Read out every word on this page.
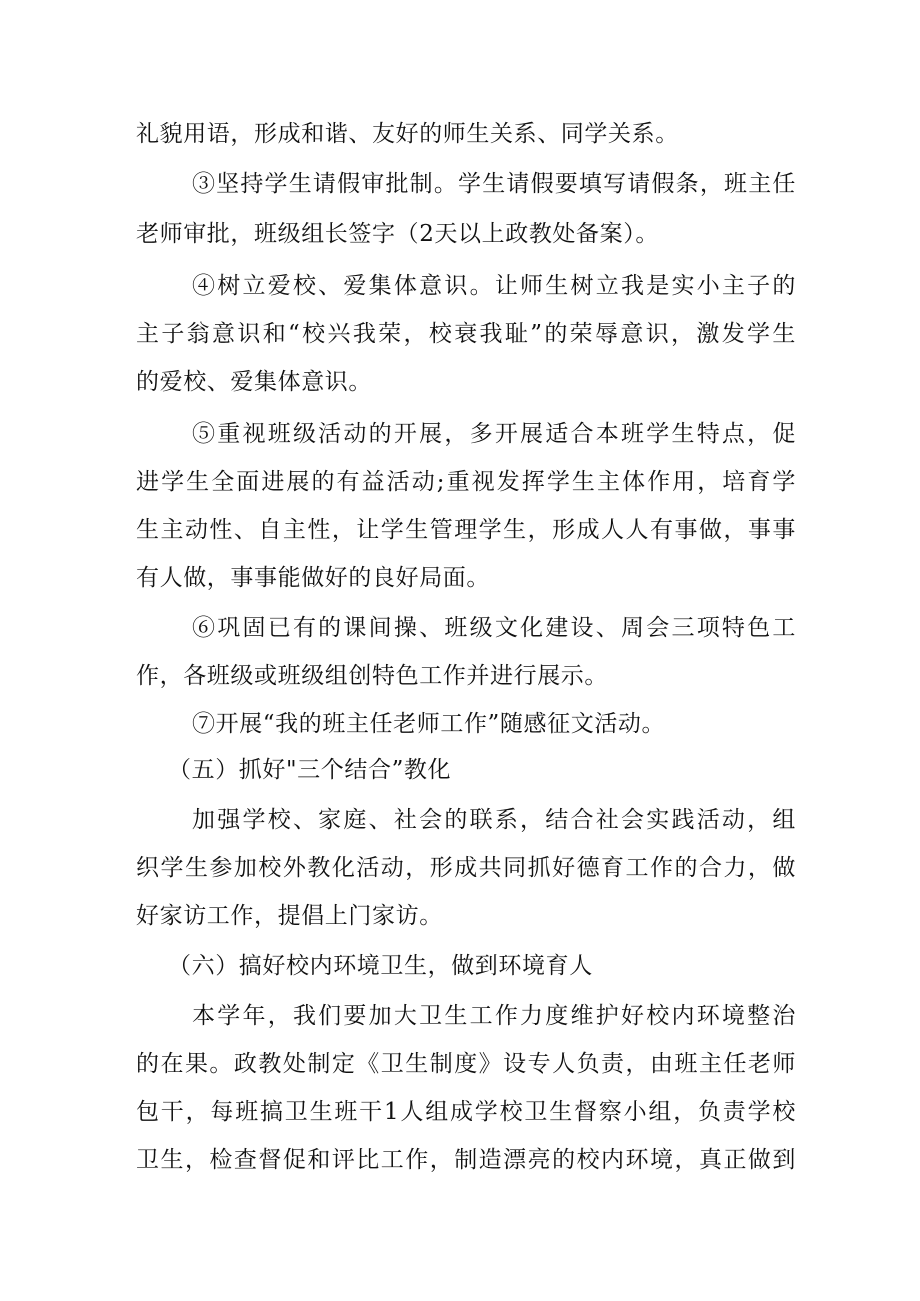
礼貌用语，形成和谐、友好的师生关系、同学关系。
③坚持学生请假审批制。学生请假要填写请假条，班主任
老师审批，班级组长签字（2天以上政教处备案）。
④树立爱校、爱集体意识。让师生树立我是实小主子的
主子翁意识和“校兴我荣，校衰我耻”的荣辱意识，激发学生
的爱校、爱集体意识。
⑤重视班级活动的开展，多开展适合本班学生特点，促
进学生全面进展的有益活动;重视发挥学生主体作用，培育学
生主动性、自主性，让学生管理学生，形成人人有事做，事事
有人做，事事能做好的良好局面。
⑥巩固已有的课间操、班级文化建设、周会三项特色工
作，各班级或班级组创特色工作并进行展示。
⑦开展“我的班主任老师工作”随感征文活动。
（五）抓好"三个结合”教化
加强学校、家庭、社会的联系，结合社会实践活动，组
织学生参加校外教化活动，形成共同抓好德育工作的合力，做
好家访工作，提倡上门家访。
（六）搞好校内环境卫生，做到环境育人
本学年，我们要加大卫生工作力度维护好校内环境整治
的在果。政教处制定《卫生制度》设专人负责，由班主任老师
包干，每班搞卫生班干1人组成学校卫生督察小组，负责学校
卫生，检查督促和评比工作，制造漂亮的校内环境，真正做到
